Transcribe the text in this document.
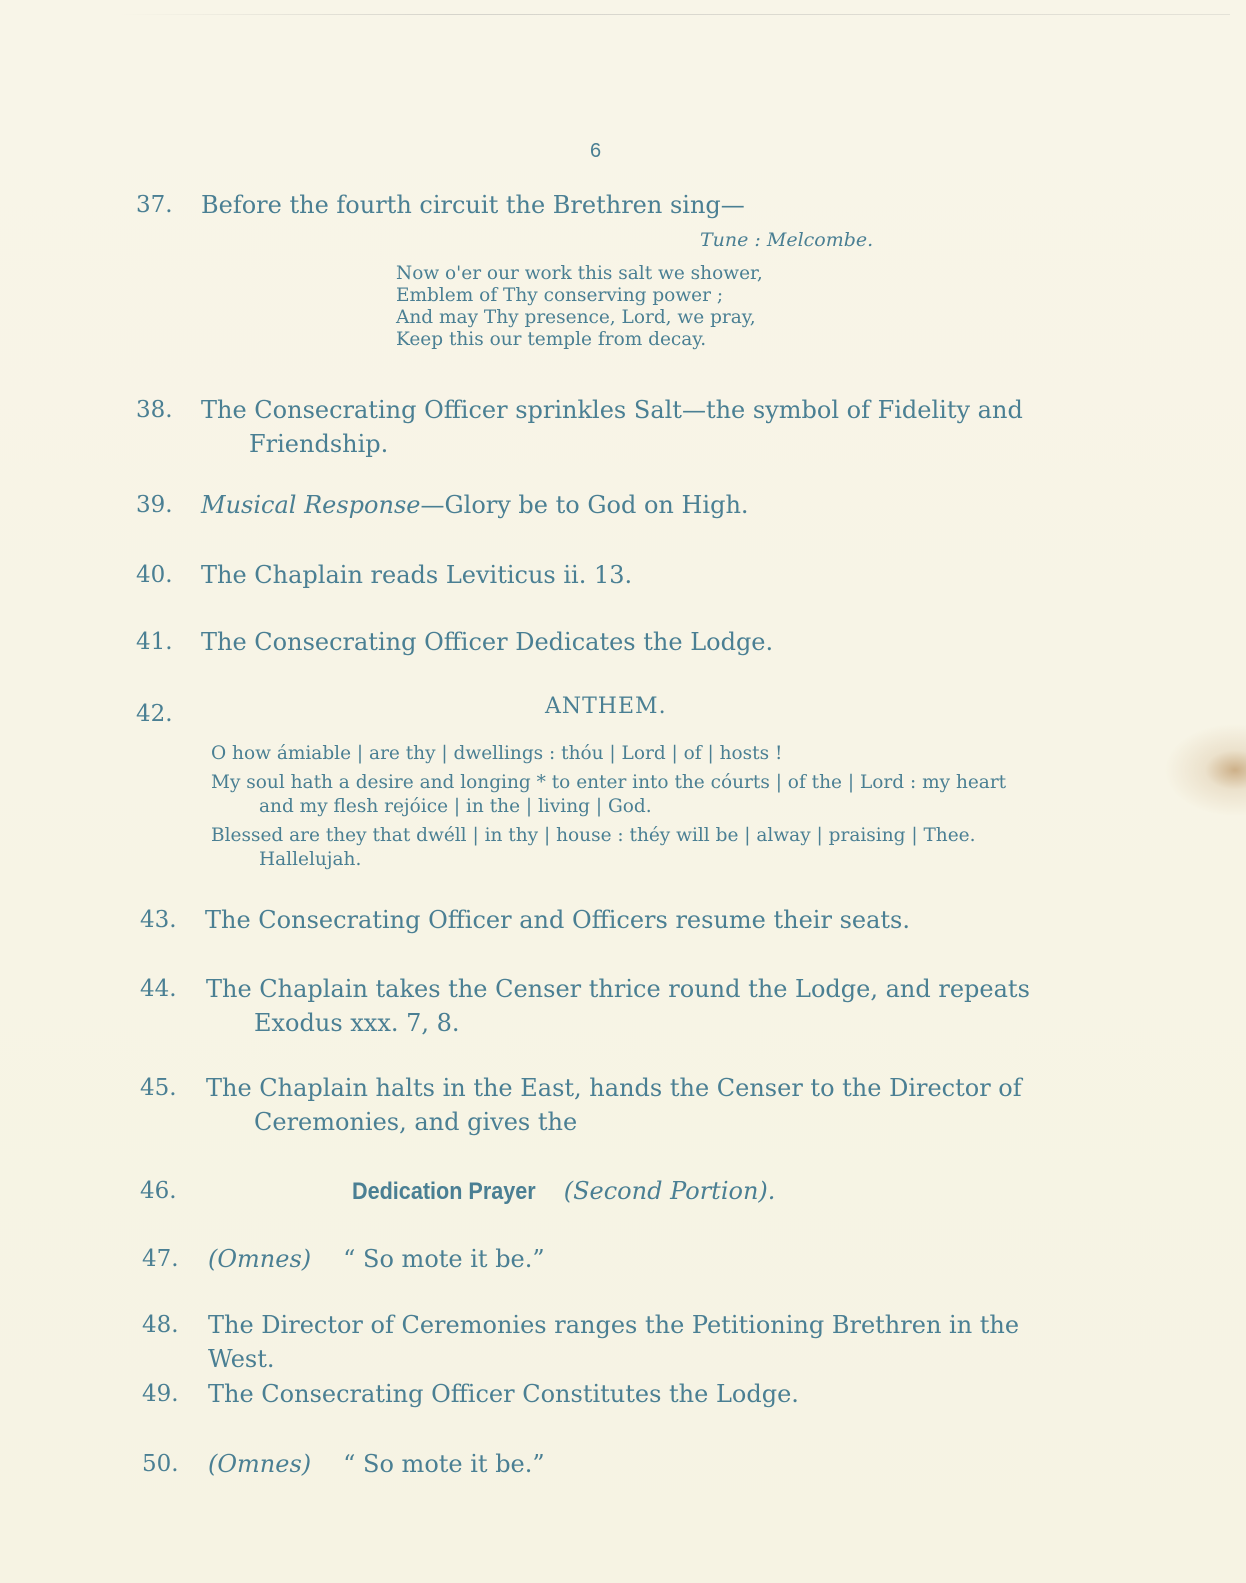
6
37.	Before the fourth circuit the Brethren sing—
Tune : Melcombe.
Now o'er our work this salt we shower,
Emblem of Thy conserving power ;
And may Thy presence, Lord, we pray,
Keep this our temple from decay.
38.	The Consecrating Officer sprinkles Salt—the symbol of Fidelity and
Friendship.
39.	Musical Response—Glory be to God on High.
40.	The Chaplain reads Leviticus ii. 13.
41.	The Consecrating Officer Dedicates the Lodge.
42.	ANTHEM.
O how ámiable | are thy | dwellings : thóu | Lord | of | hosts !
My soul hath a desire and longing * to enter into the cóurts | of the | Lord : my heart
and my flesh rejóice | in the | living | God.
Blessed are they that dwéll | in thy | house : théy will be | alway | praising | Thee.
Hallelujah.
43.	The Consecrating Officer and Officers resume their seats.
44.	The Chaplain takes the Censer thrice round the Lodge, and repeats
Exodus xxx. 7, 8.
45.	The Chaplain halts in the East, hands the Censer to the Director of
Ceremonies, and gives the
46.	Dedication Prayer (Second Portion).
47.	(Omnes) “ So mote it be.”
48.	The Director of Ceremonies ranges the Petitioning Brethren in the West.
49.	The Consecrating Officer Constitutes the Lodge.
50.	(Omnes) “ So mote it be.”
